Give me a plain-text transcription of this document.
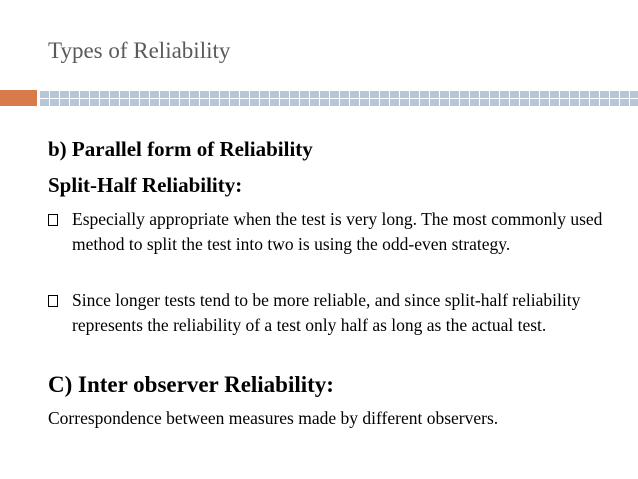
Types of Reliability
b) Parallel form of Reliability
Split-Half Reliability:
Especially appropriate when the test is very long. The most commonly used method to split the test into two is using the odd-even strategy.
Since longer tests tend to be more reliable, and since split-half reliability represents the reliability of a test only half as long as the actual test.
C) Inter observer Reliability:
Correspondence between measures made by different observers.
